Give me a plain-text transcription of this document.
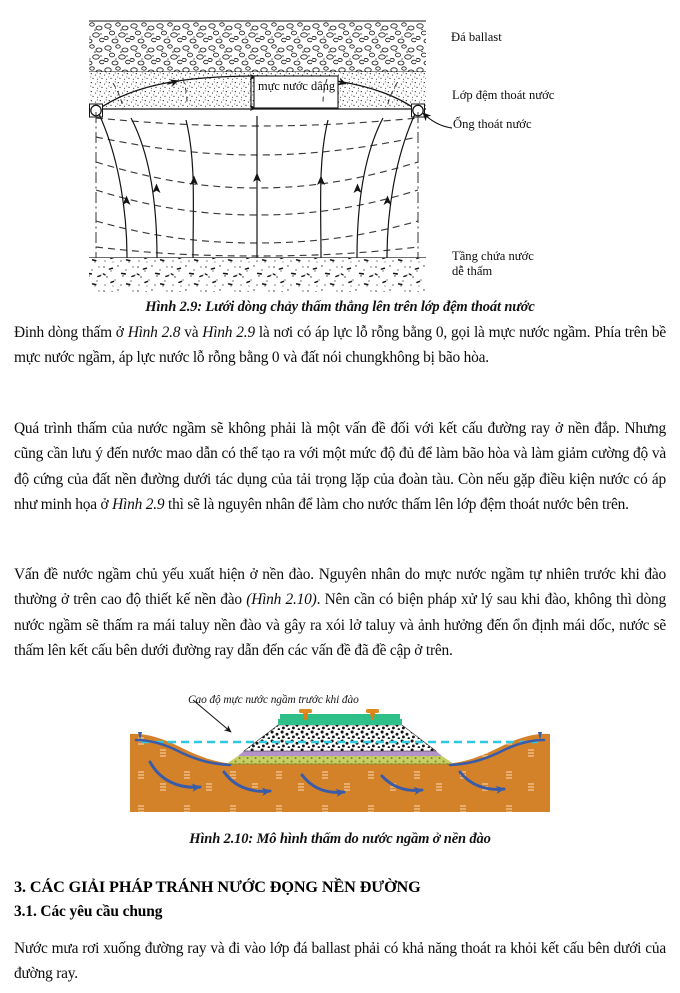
Đá ballast
Lớp đệm thoát nước
Ống thoát nước
Tầng chứa nước
dễ thấm
mực nước dâng
Hình 2.9: Lưới dòng chảy thấm thẳng lên trên lớp đệm thoát nước

Đinh dòng thấm ở Hình 2.8 và Hình 2.9 là nơi có áp lực lỗ rỗng bằng 0, gọi là mực nước ngầm. Phía trên bề mực nước ngầm, áp lực nước lỗ rỗng bằng 0 và đất nói chungkhông bị bão hòa.

Quá trình thấm của nước ngầm sẽ không phải là một vấn đề đối với kết cấu đường ray ở nền đắp. Nhưng cũng cần lưu ý đến nước mao dẫn có thể tạo ra với một mức độ đủ để làm bão hòa và làm giảm cường độ và độ cứng của đất nền đường dưới tác dụng của tải trọng lặp của đoàn tàu. Còn nếu gặp điều kiện nước có áp như minh họa ở Hình 2.9 thì sẽ là nguyên nhân để làm cho nước thấm lên lớp đệm thoát nước bên trên.

Vấn đề nước ngầm chủ yếu xuất hiện ở nền đào. Nguyên nhân do mực nước ngầm tự nhiên trước khi đào thường ở trên cao độ thiết kế nền đào (Hình 2.10). Nên cần có biện pháp xử lý sau khi đào, không thì dòng nước ngầm sẽ thấm ra mái taluy nền đào và gây ra xói lở taluy và ảnh hưởng đến ổn định mái dốc, nước sẽ thấm lên kết cấu bên dưới đường ray dẫn đến các vấn đề đã đề cập ở trên.

Cao độ mực nước ngầm trước khi đào
Hình 2.10: Mô hình thấm do nước ngầm ở nền đào
3. CÁC GIẢI PHÁP TRÁNH NƯỚC ĐỌNG NỀN ĐƯỜNG
3.1. Các yêu cầu chung

Nước mưa rơi xuống đường ray và đi vào lớp đá ballast phải có khả năng thoát ra khỏi kết cấu bên dưới của đường ray.
